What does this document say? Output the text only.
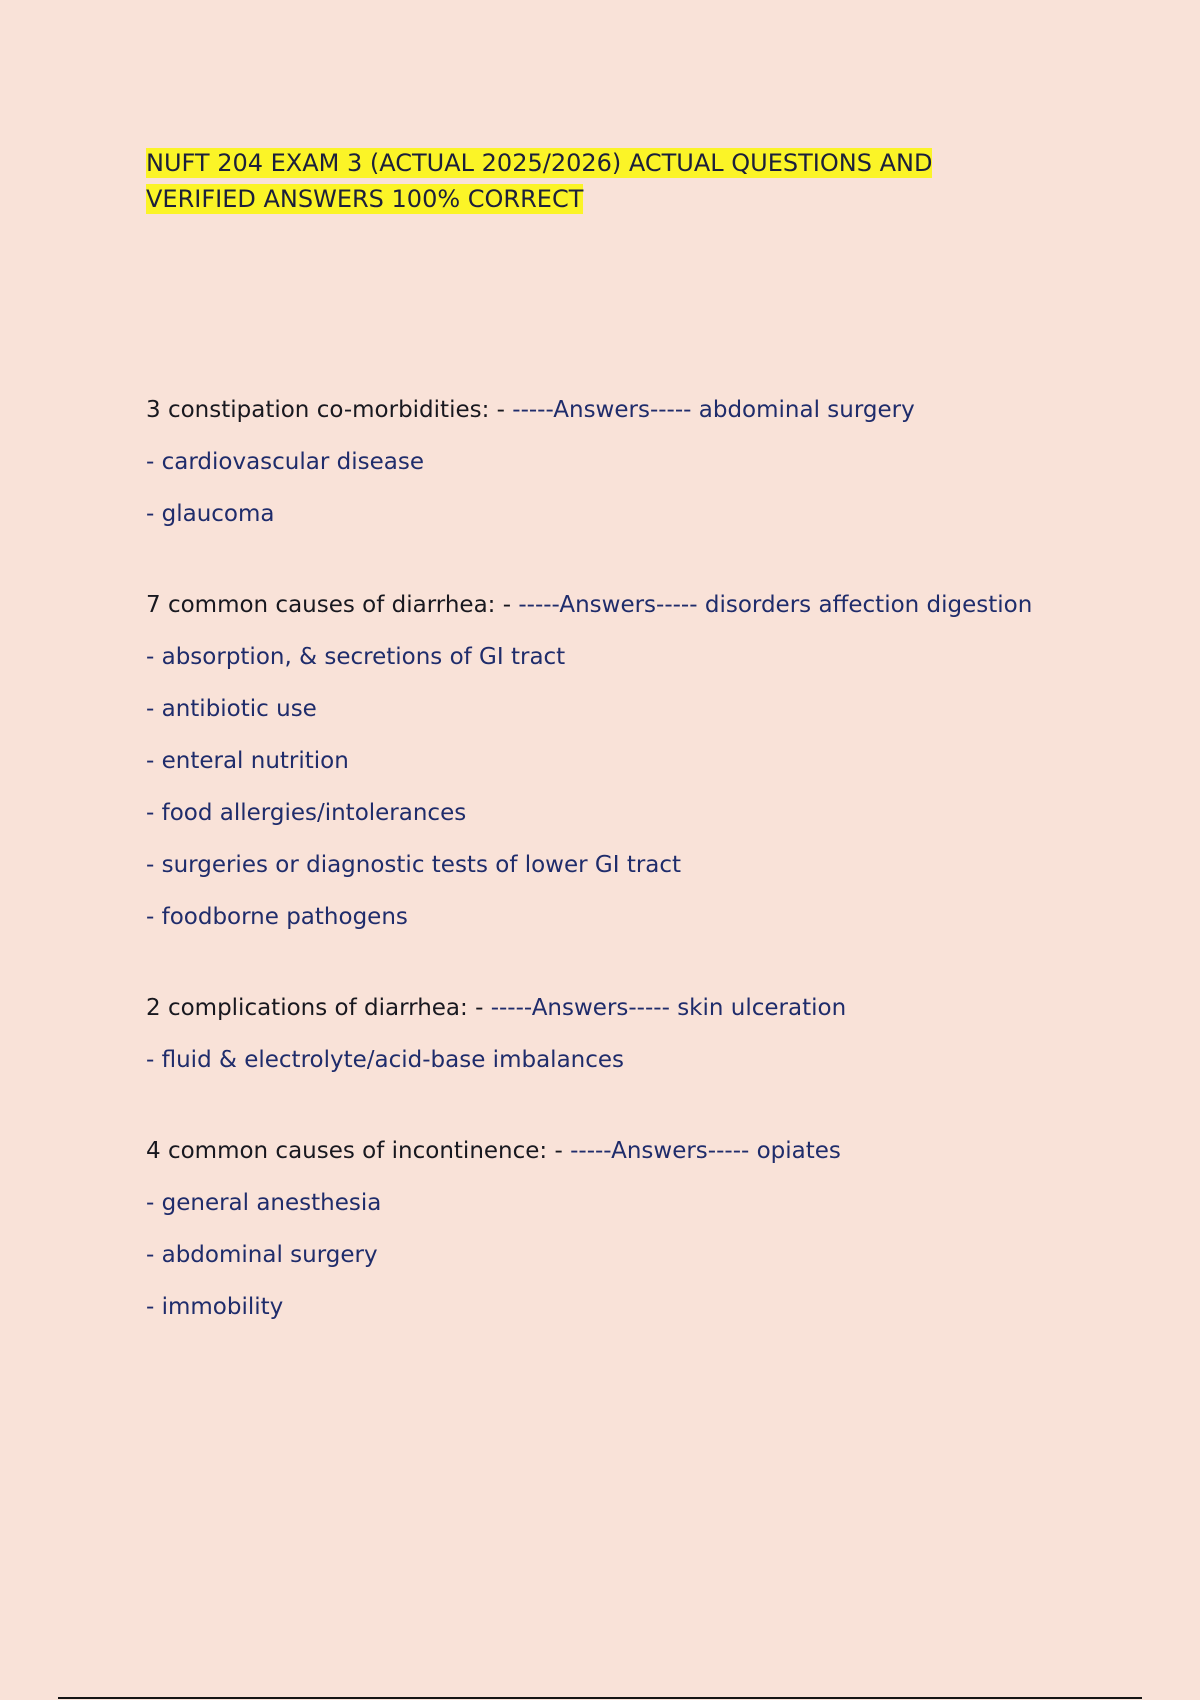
NUFT 204 EXAM 3 (ACTUAL 2025/2026) ACTUAL QUESTIONS AND

VERIFIED ANSWERS 100% CORRECT

3 constipation co-morbidities: - -----Answers----- abdominal surgery

- cardiovascular disease

- glaucoma

7 common causes of diarrhea: - -----Answers----- disorders affection digestion

- absorption, & secretions of GI tract

- antibiotic use

- enteral nutrition

- food allergies/intolerances

- surgeries or diagnostic tests of lower GI tract

- foodborne pathogens

2 complications of diarrhea: - -----Answers----- skin ulceration

- fluid & electrolyte/acid-base imbalances

4 common causes of incontinence: - -----Answers----- opiates

- general anesthesia

- abdominal surgery

- immobility
